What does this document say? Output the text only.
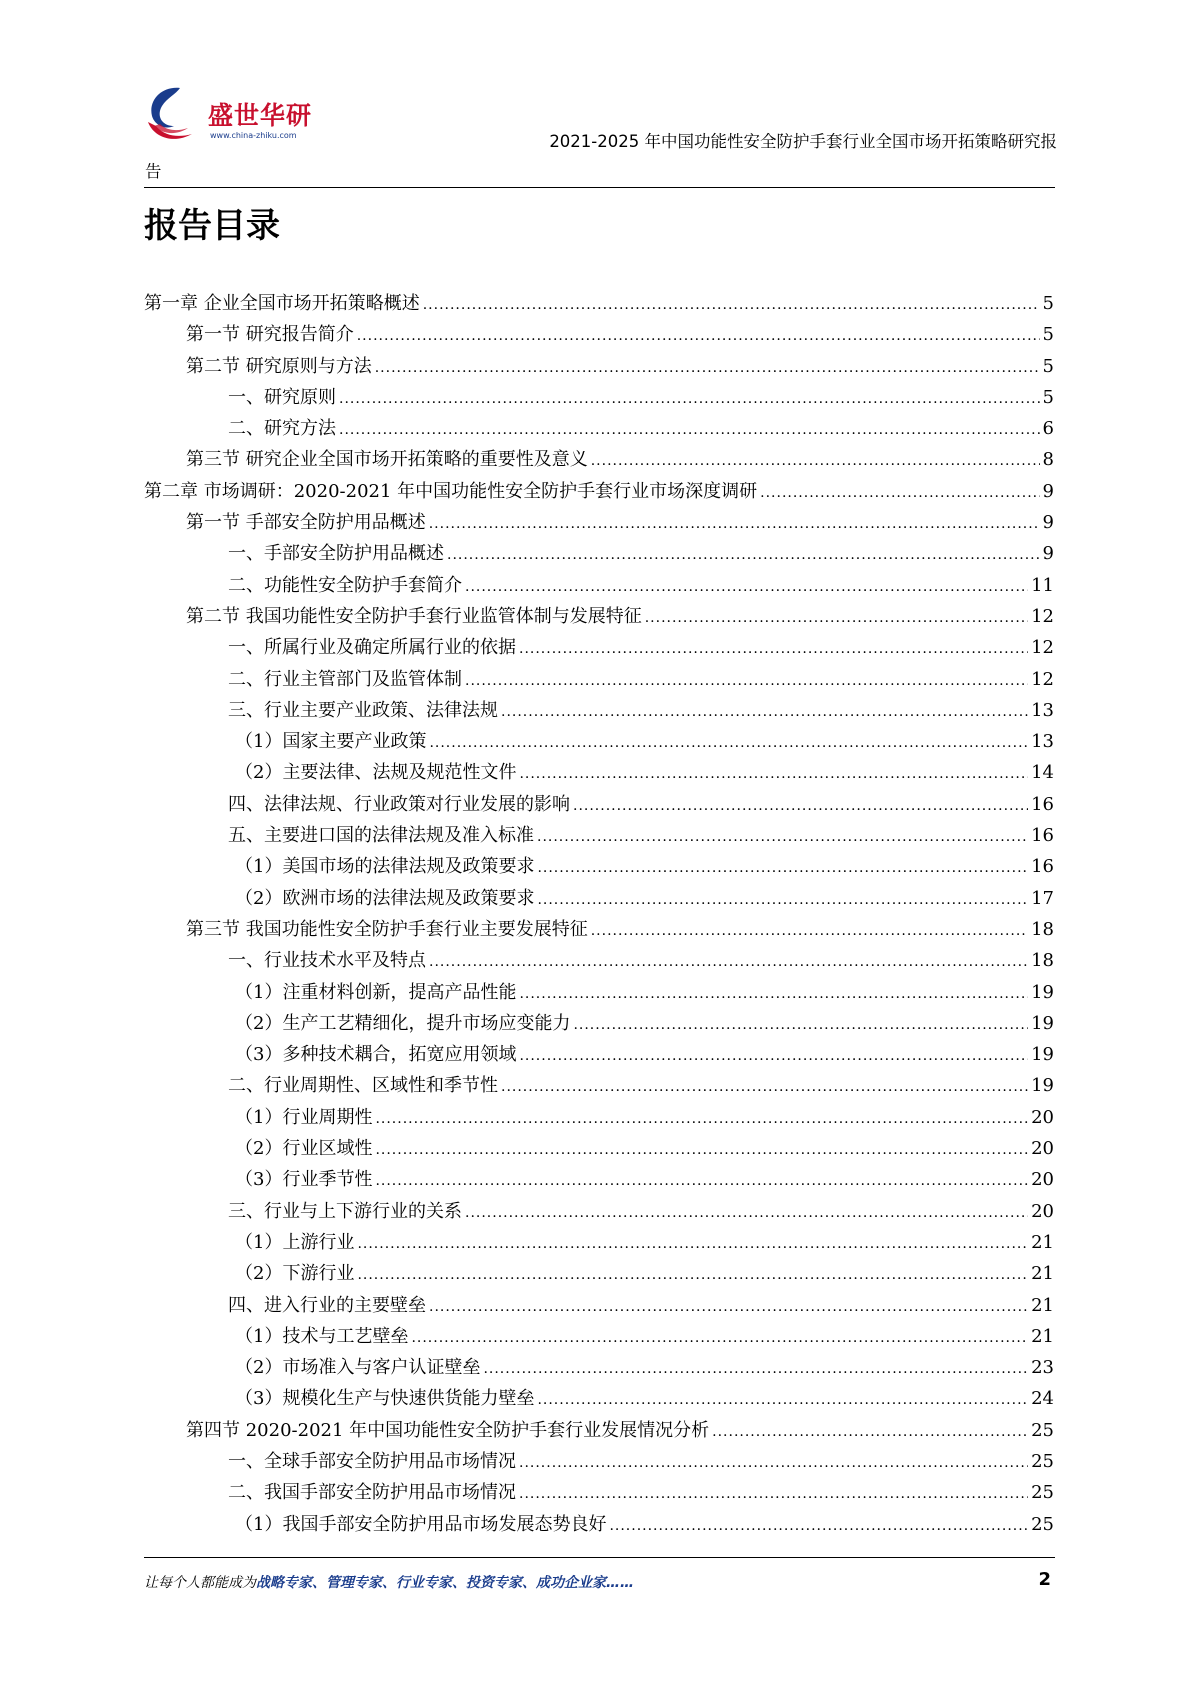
盛世华研
www.china-zhiku.com	2021-2025 年中国功能性安全防护手套行业全国市场开拓策略研究报
告
报告目录
第一章 企业全国市场开拓策略概述 .....	5
第一节 研究报告简介 .....	5
第二节 研究原则与方法 .....	5
一、研究原则 .....	5
二、研究方法 .....	6
第三节 研究企业全国市场开拓策略的重要性及意义 .....	8
第二章 市场调研：2020-2021 年中国功能性安全防护手套行业市场深度调研 .....	9
第一节 手部安全防护用品概述 .....	9
一、手部安全防护用品概述 .....	9
二、功能性安全防护手套简介 .....	11
第二节 我国功能性安全防护手套行业监管体制与发展特征 .....	12
一、所属行业及确定所属行业的依据 .....	12
二、行业主管部门及监管体制 .....	12
三、行业主要产业政策、法律法规 .....	13
（1）国家主要产业政策 .....	13
（2）主要法律、法规及规范性文件 .....	14
四、法律法规、行业政策对行业发展的影响 .....	16
五、主要进口国的法律法规及准入标准 .....	16
（1）美国市场的法律法规及政策要求 .....	16
（2）欧洲市场的法律法规及政策要求 .....	17
第三节 我国功能性安全防护手套行业主要发展特征 .....	18
一、行业技术水平及特点 .....	18
（1）注重材料创新，提高产品性能 .....	19
（2）生产工艺精细化，提升市场应变能力 .....	19
（3）多种技术耦合，拓宽应用领域 .....	19
二、行业周期性、区域性和季节性 .....	19
（1）行业周期性 .....	20
（2）行业区域性 .....	20
（3）行业季节性 .....	20
三、行业与上下游行业的关系 .....	20
（1）上游行业 .....	21
（2）下游行业 .....	21
四、进入行业的主要壁垒 .....	21
（1）技术与工艺壁垒 .....	21
（2）市场准入与客户认证壁垒 .....	23
（3）规模化生产与快速供货能力壁垒 .....	24
第四节 2020-2021 年中国功能性安全防护手套行业发展情况分析 .....	25
一、全球手部安全防护用品市场情况 .....	25
二、我国手部安全防护用品市场情况 .....	25
（1）我国手部安全防护用品市场发展态势良好 .....	25
让每个人都能成为战略专家、管理专家、行业专家、投资专家、成功企业家……	2
